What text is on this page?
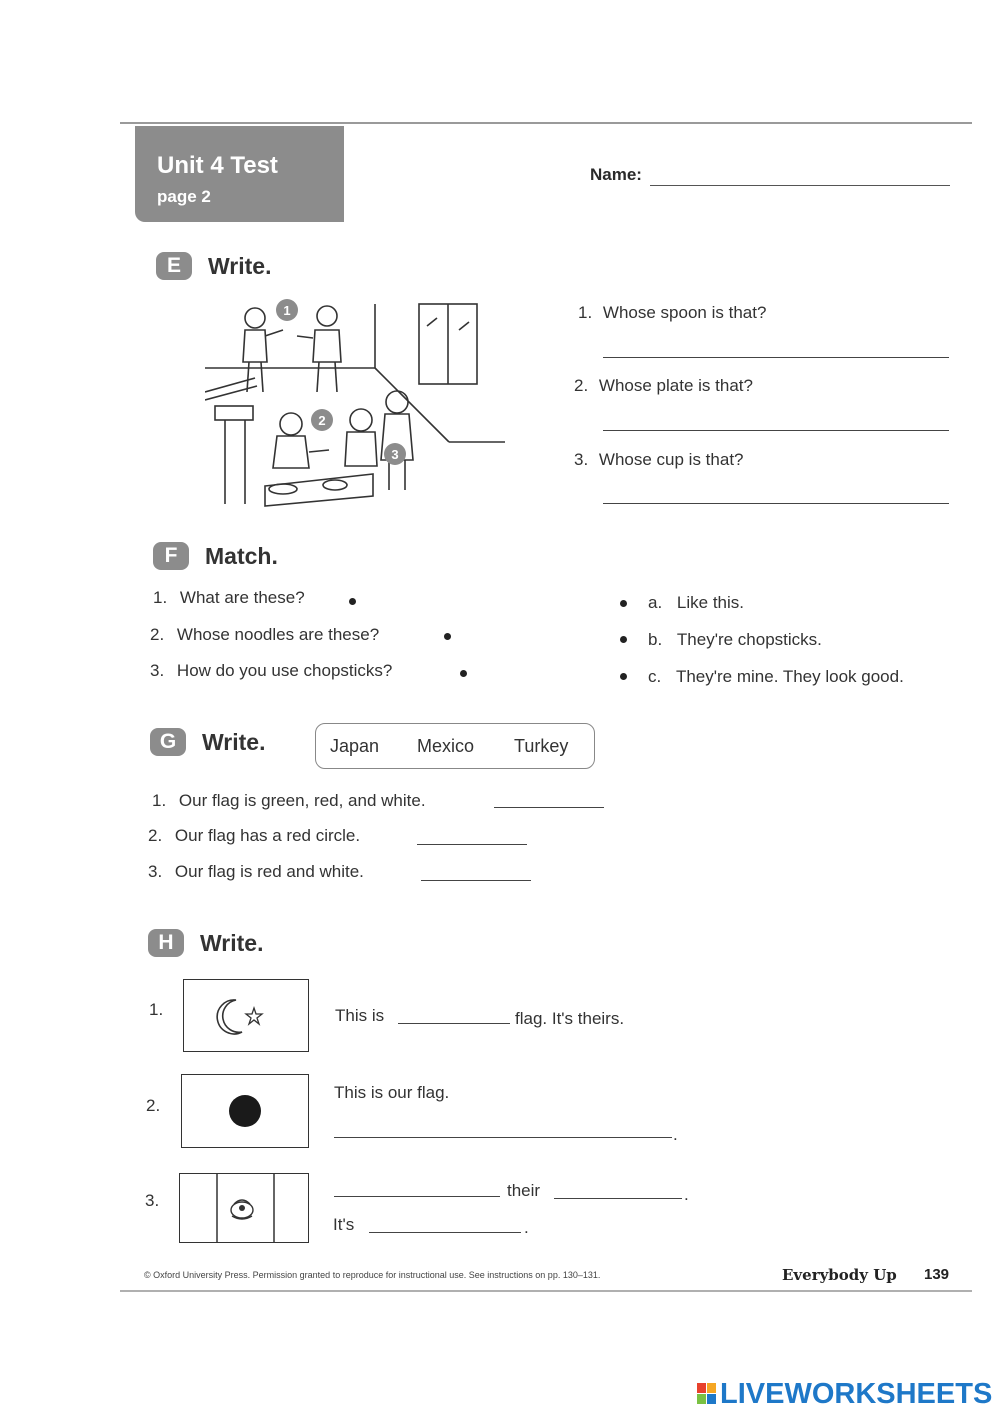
Unit 4 Test
page 2
Name:
E	Write.
1
2
3
1. Whose spoon is that?
2. Whose plate is that?
3. Whose cup is that?
F	Match.
1. What are these?
2. Whose noodles are these?
3. How do you use chopsticks?
a. Like this.
b. They're chopsticks.
c. They're mine. They look good.
G	Write.	Japan Mexico Turkey
1. Our flag is green, red, and white.
2. Our flag has a red circle.
3. Our flag is red and white.
H	Write.
1.	This is	flag. It's theirs.
2.
This is our flag.
.
3.
their	.
It's	.
© Oxford University Press. Permission granted to reproduce for instructional use. See instructions on pp. 130–131.	Everybody Up 139
LIVEWORKSHEETS
